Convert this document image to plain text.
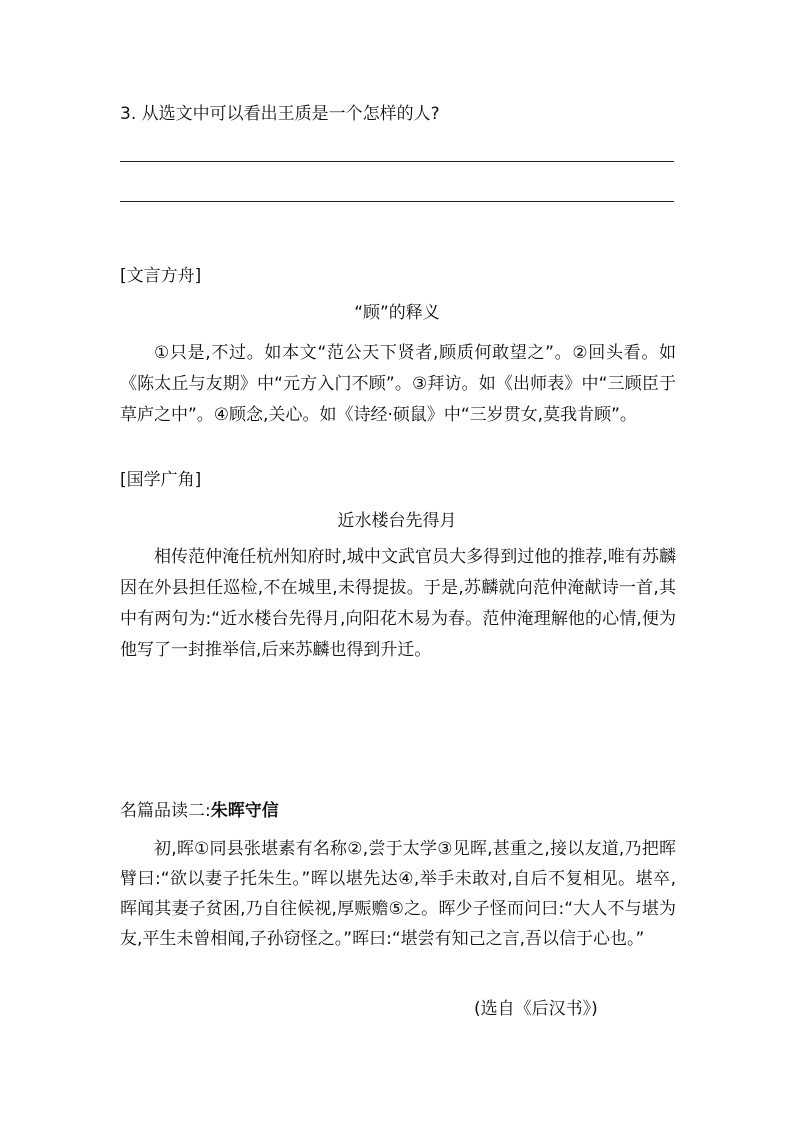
3. 从选文中可以看出王质是一个怎样的人?
[文言方舟]
“顾”的释义
①只是,不过。如本文“范公天下贤者,顾质何敢望之”。②回头看。如《陈太丘与友期》中“元方入门不顾”。③拜访。如《出师表》中“三顾臣于草庐之中”。④顾念,关心。如《诗经·硕鼠》中“三岁贯女,莫我肯顾”。
[国学广角]
近水楼台先得月
相传范仲淹任杭州知府时,城中文武官员大多得到过他的推荐,唯有苏麟因在外县担任巡检,不在城里,未得提拔。于是,苏麟就向范仲淹献诗一首,其中有两句为:“近水楼台先得月,向阳花木易为春。范仲淹理解他的心情,便为他写了一封推举信,后来苏麟也得到升迁。
名篇品读二:朱晖守信
初,晖①同县张堪素有名称②,尝于太学③见晖,甚重之,接以友道,乃把晖臂曰:“欲以妻子托朱生。”晖以堪先达④,举手未敢对,自后不复相见。堪卒,晖闻其妻子贫困,乃自往候视,厚赈赡⑤之。晖少子怪而问曰:“大人不与堪为友,平生未曾相闻,子孙窃怪之。”晖曰:“堪尝有知己之言,吾以信于心也。”
(选自《后汉书》)
